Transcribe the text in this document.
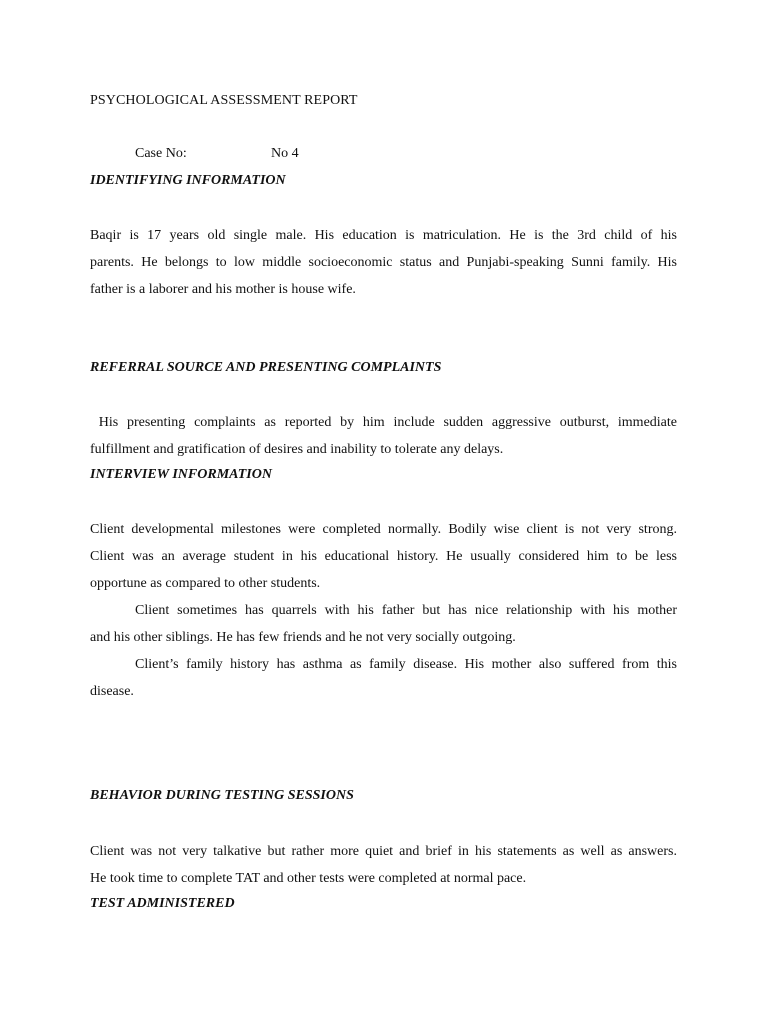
PSYCHOLOGICAL ASSESSMENT REPORT
Case No:	No 4
IDENTIFYING INFORMATION
Baqir is 17 years old single male. His education is matriculation. He is the 3rd child of his
parents. He belongs to low middle socioeconomic status and Punjabi-speaking Sunni family. His
father is a laborer and his mother is house wife.
REFERRAL SOURCE AND PRESENTING COMPLAINTS
His presenting complaints as reported by him include sudden aggressive outburst, immediate
fulfillment and gratification of desires and inability to tolerate any delays.
INTERVIEW INFORMATION
Client developmental milestones were completed normally. Bodily wise client is not very strong.
Client was an average student in his educational history. He usually considered him to be less
opportune as compared to other students.
Client sometimes has quarrels with his father but has nice relationship with his mother
and his other siblings. He has few friends and he not very socially outgoing.
Client’s family history has asthma as family disease. His mother also suffered from this
disease.
BEHAVIOR DURING TESTING SESSIONS
Client was not very talkative but rather more quiet and brief in his statements as well as answers.
He took time to complete TAT and other tests were completed at normal pace.
TEST ADMINISTERED
